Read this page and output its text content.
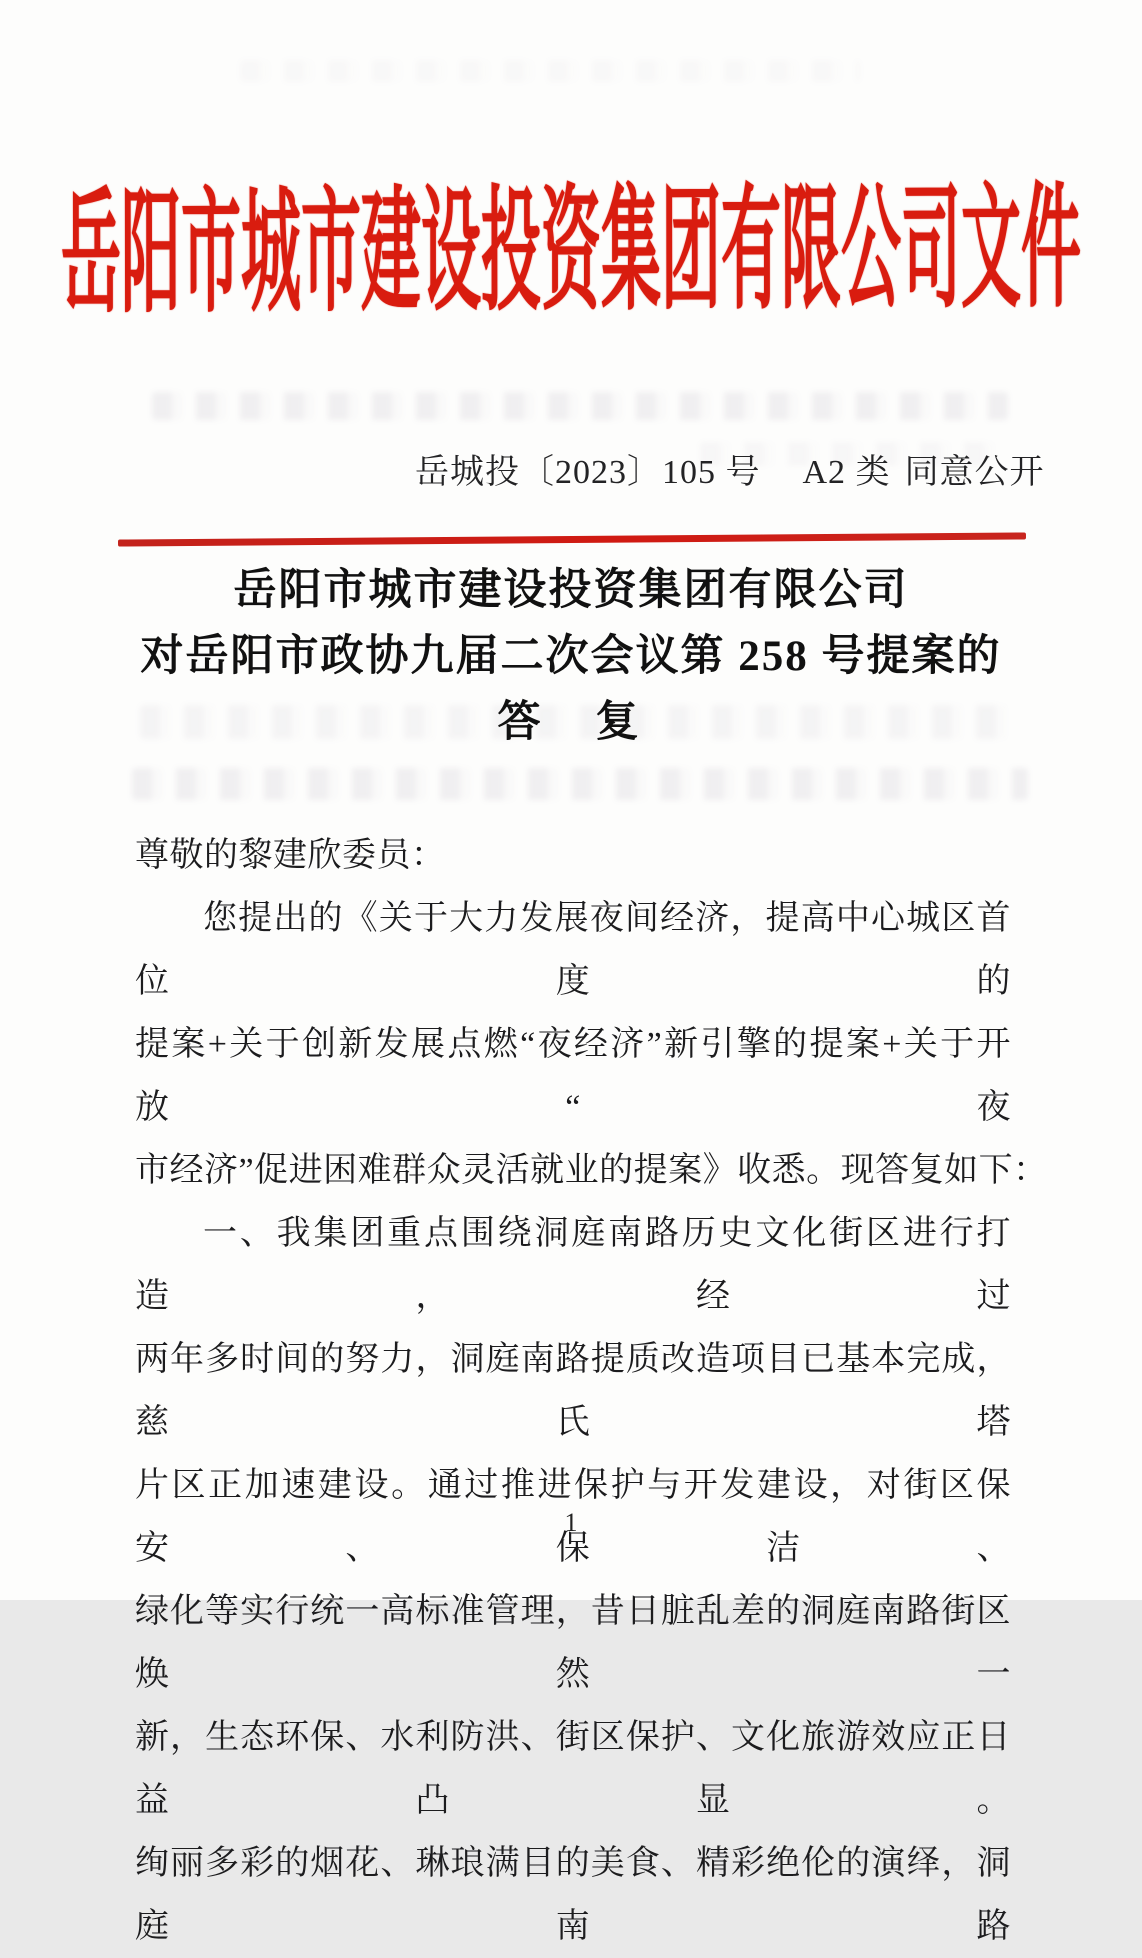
岳阳市城市建设投资集团有限公司文件
岳城投〔2023〕105 号 A2 类 同意公开
岳阳市城市建设投资集团有限公司
对岳阳市政协九届二次会议第 258 号提案的
答　复
尊敬的黎建欣委员：
您提出的《关于大力发展夜间经济，提高中心城区首位度的
提案+关于创新发展点燃“夜经济”新引擎的提案+关于开放“夜
市经济”促进困难群众灵活就业的提案》收悉。现答复如下：
一、我集团重点围绕洞庭南路历史文化街区进行打造，经过
两年多时间的努力，洞庭南路提质改造项目已基本完成，慈氏塔
片区正加速建设。通过推进保护与开发建设，对街区保安、保洁、
绿化等实行统一高标准管理，昔日脏乱差的洞庭南路街区焕然一
新，生态环保、水利防洪、街区保护、文化旅游效应正日益凸显。
绚丽多彩的烟花、琳琅满目的美食、精彩绝伦的演绎，洞庭南路
1
